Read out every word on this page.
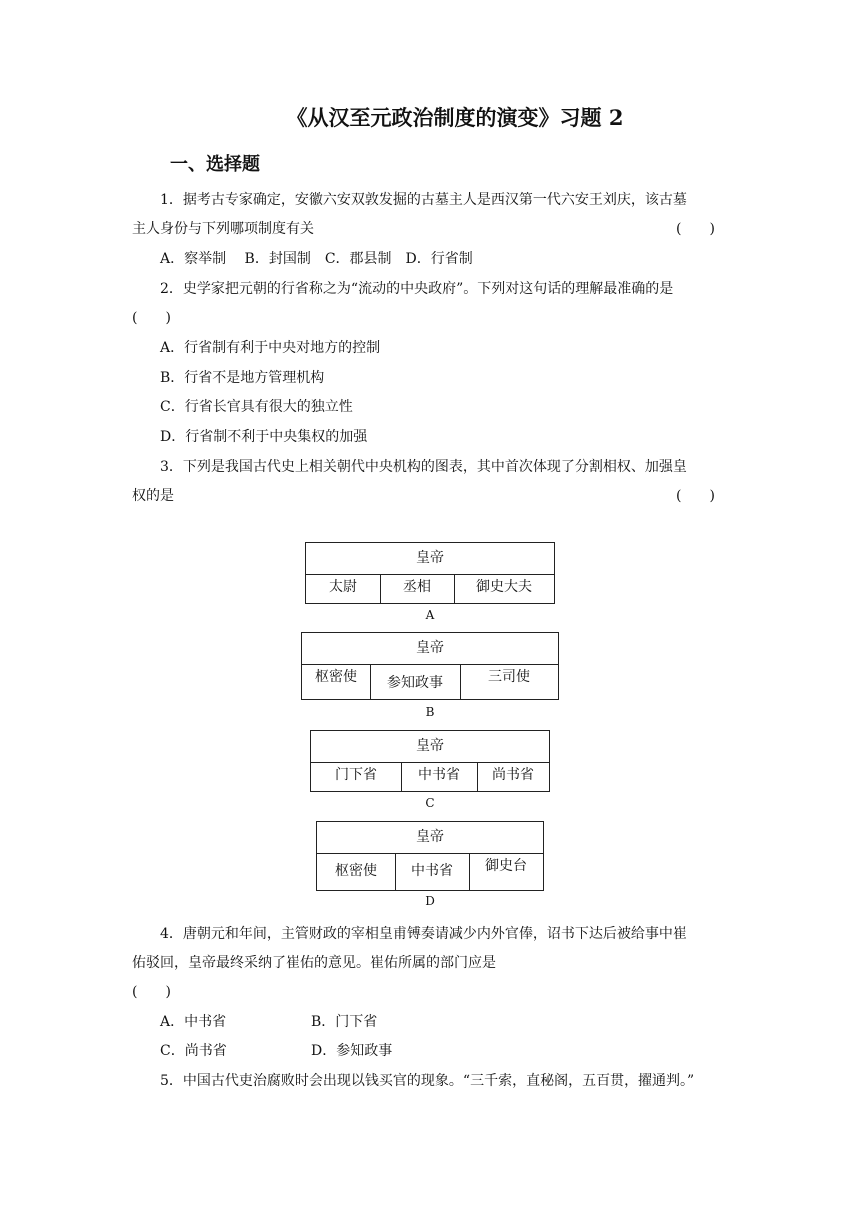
《从汉至元政治制度的演变》习题 2
一、选择题
1．据考古专家确定，安徽六安双敦发掘的古墓主人是西汉第一代六安王刘庆，该古墓
主人身份与下列哪项制度有关	(　　)
A．察举制　 B．封国制　C．郡县制　D．行省制
2．史学家把元朝的行省称之为“流动的中央政府”。下列对这句话的理解最准确的是
(　　)
A．行省制有利于中央对地方的控制
B．行省不是地方管理机构
C．行省长官具有很大的独立性
D．行省制不利于中央集权的加强
3．下列是我国古代史上相关朝代中央机构的图表，其中首次体现了分割相权、加强皇
权的是	(　　)
皇帝
太尉	丞相	御史大夫
A
皇帝
枢密使	参知政事	三司使
B
皇帝
门下省	中书省	尚书省
C
皇帝
枢密使	中书省	御史台
D
4．唐朝元和年间，主管财政的宰相皇甫镈奏请减少内外官俸，诏书下达后被给事中崔
佑驳回，皇帝最终采纳了崔佑的意见。崔佑所属的部门应是
(　　)
A．中书省	B．门下省
C．尚书省	D．参知政事
5．中国古代吏治腐败时会出现以钱买官的现象。“三千索，直秘阁，五百贯，擢通判。”
